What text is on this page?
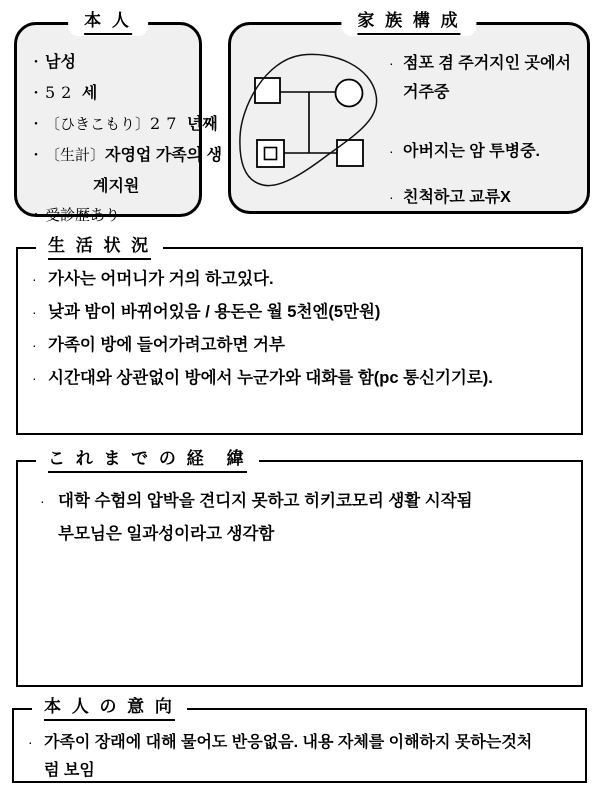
本 人
・ 남성
・ 52 세
・ 〔ひきこもり〕27 년째
・ 〔生計〕자영업 가족의 생
계지원
・ 受診歴あり
家 族 構 成
· 점포 겸 주거지인 곳에서
거주중
· 아버지는 암 투병중.
· 친척하고 교류X
生 活 状 況
· 가사는 어머니가 거의 하고있다.
· 낮과 밤이 바뀌어있음 / 용돈은 월 5천엔(5만원)
· 가족이 방에 들어가려고하면 거부
· 시간대와 상관없이 방에서 누군가와 대화를 함(pc 통신기기로).
こ れ ま で の 経　緯
· 대학 수험의 압박을 견디지 못하고 히키코모리 생활 시작됨
부모님은 일과성이라고 생각함
本 人 の 意 向
· 가족이 장래에 대해 물어도 반응없음. 내용 자체를 이해하지 못하는것처
럼 보임
